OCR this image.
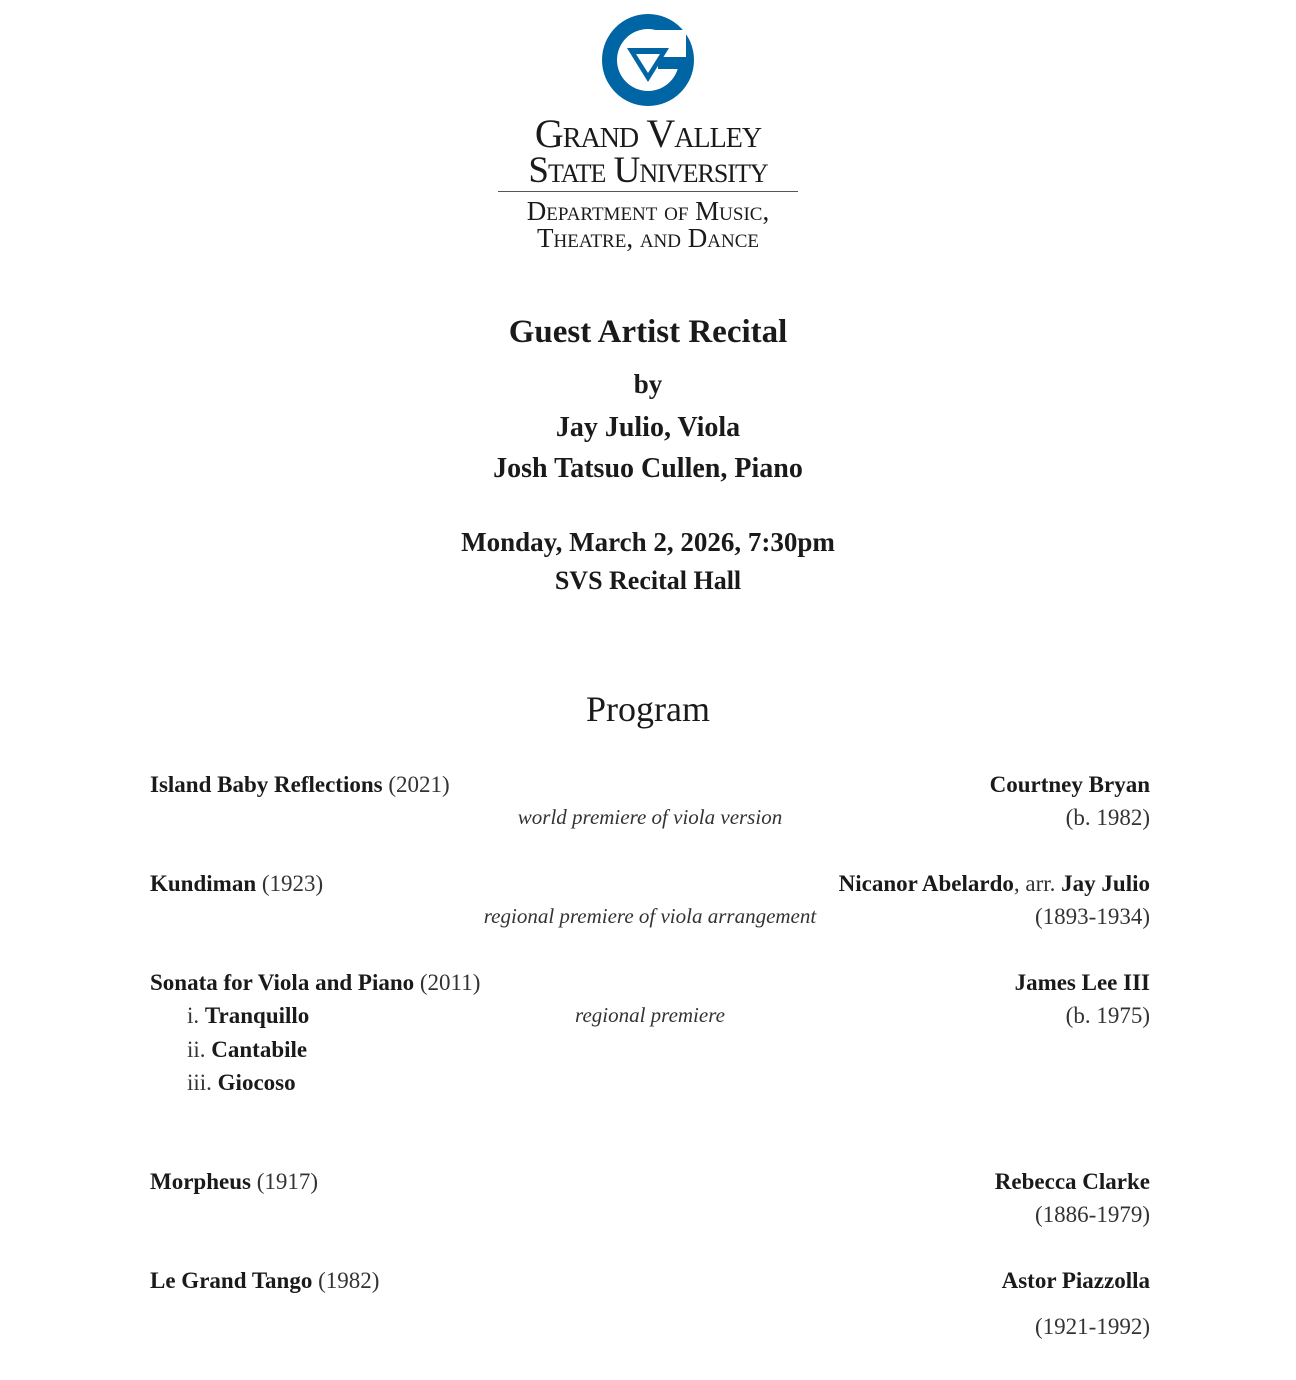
Grand Valley
State University
Department of Music,
Theatre, and Dance
Guest Artist Recital
by
Jay Julio, Viola
Josh Tatsuo Cullen, Piano
Monday, March 2, 2026, 7:30pm
SVS Recital Hall
Program
Island Baby Reflections (2021)
world premiere of viola version
Courtney Bryan
(b. 1982)
Kundiman (1923)
regional premiere of viola arrangement
Nicanor Abelardo, arr. Jay Julio
(1893-1934)
Sonata for Viola and Piano (2011)
regional premiere
James Lee III
(b. 1975)
i. Tranquillo
ii. Cantabile
iii. Giocoso
Morpheus (1917)	Rebecca Clarke
(1886-1979)
Le Grand Tango (1982)	Astor Piazzolla
(1921-1992)
